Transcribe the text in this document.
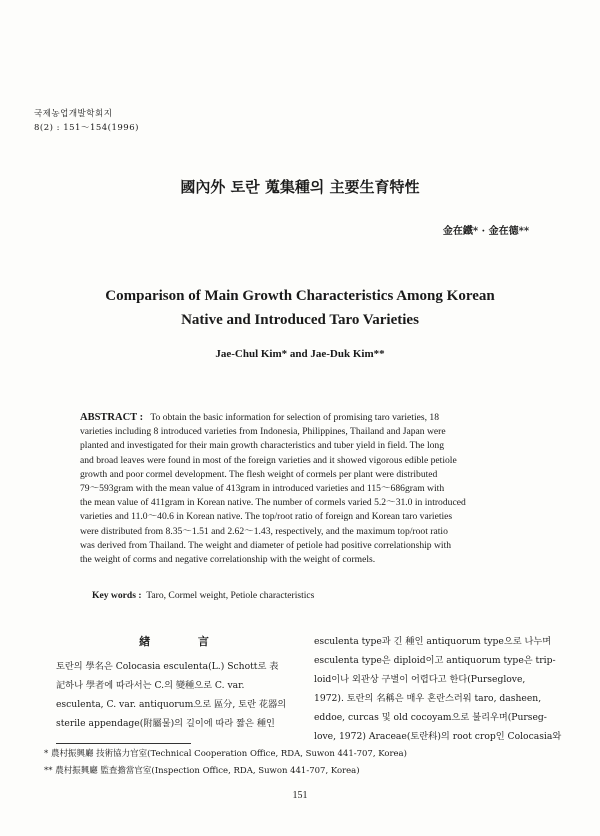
국제농업개발학회지
8(2) : 151～154(1996)
國內外 토란 蒐集種의 主要生育特性
金在鐵* · 金在德**
Comparison of Main Growth Characteristics Among Korean
Native and Introduced Taro Varieties
Jae-Chul Kim* and Jae-Duk Kim**
ABSTRACT : To obtain the basic information for selection of promising taro varieties, 18
varieties including 8 introduced varieties from Indonesia, Philippines, Thailand and Japan were
planted and investigated for their main growth characteristics and tuber yield in field. The long
and broad leaves were found in most of the foreign varieties and it showed vigorous edible petiole
growth and poor cormel development. The flesh weight of cormels per plant were distributed
79～593gram with the mean value of 413gram in introduced varieties and 115～686gram with
the mean value of 411gram in Korean native. The number of cormels varied 5.2～31.0 in introduced
varieties and 11.0～40.6 in Korean native. The top/root ratio of foreign and Korean taro varieties
were distributed from 8.35～1.51 and 2.62～1.43, respectively, and the maximum top/root ratio
was derived from Thailand. The weight and diameter of petiole had positive correlationship with
the weight of corms and negative correlationship with the weight of cormels.
Key words : Taro, Cormel weight, Petiole characteristics
緖 言
토란의 學名은 Colocasia esculenta(L.) Schott로 表
記하나 學者에 따라서는 C.의 變種으로 C. var.
esculenta, C. var. antiquorum으로 區分, 토란 花器의
sterile appendage(附屬물)의 길이에 따라 짧은 種인
esculenta type과 긴 種인 antiquorum type으로 나누며
esculenta type은 diploid이고 antiquorum type은 trip-
loid이나 외관상 구별이 어렵다고 한다(Purseglove,
1972). 토란의 名稱은 매우 혼란스러워 taro, dasheen,
eddoe, curcas 및 old cocoyam으로 불리우며(Purseg-
love, 1972) Araceae(토란科)의 root crop인 Colocasia와
* 農村振興廳 技術協力官室(Technical Cooperation Office, RDA, Suwon 441-707, Korea)
** 農村振興廳 監査擔當官室(Inspection Office, RDA, Suwon 441-707, Korea)
151
